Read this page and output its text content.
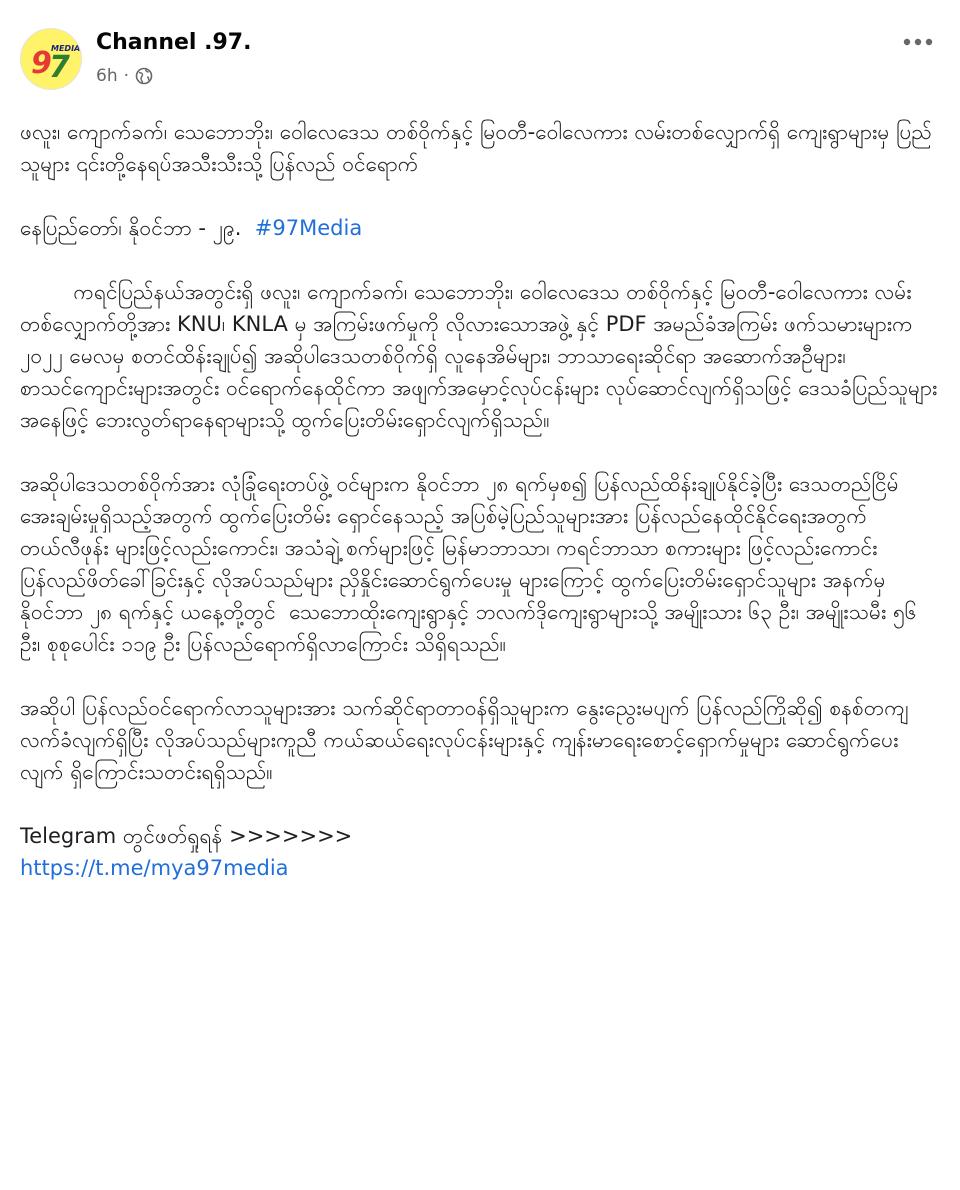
9
7
MEDIA Channel .97.
6h ·

ဖလူး၊ ကျောက်ခက်၊ သေဘောဘိုး၊ ဝေါလေဒေသ တစ်ဝိုက်နှင့် မြဝတီ-ဝေါလေကား လမ်းတစ်လျှောက်ရှိ ကျေးရွာများမှ ပြည်သူများ ၎င်းတို့နေရပ်အသီးသီးသို့ ပြန်လည် ဝင်ရောက်

နေပြည်တော်၊ နိုဝင်ဘာ - ၂၉. #97Media

ကရင်ပြည်နယ်အတွင်းရှိ ဖလူး၊ ကျောက်ခက်၊ သေဘောဘိုး၊ ဝေါလေဒေသ တစ်ဝိုက်နှင့် မြဝတီ-ဝေါလေကား လမ်းတစ်လျှောက်တို့အား KNU၊ KNLA မှ အကြမ်းဖက်မှုကို လိုလားသောအဖွဲ့ နှင့် PDF အမည်ခံအကြမ်း ဖက်သမားများက ၂၀၂၂ မေလမှ စတင်ထိန်းချုပ်၍ အဆိုပါဒေသတစ်ဝိုက်ရှိ လူနေအိမ်များ၊ ဘာသာရေးဆိုင်ရာ အဆောက်အဦများ၊ စာသင်ကျောင်းများအတွင်း ဝင်ရောက်နေထိုင်ကာ အဖျက်အမှောင့်လုပ်ငန်းများ လုပ်ဆောင်လျက်ရှိသဖြင့် ဒေသခံပြည်သူများအနေဖြင့် ဘေးလွတ်ရာနေရာများသို့ ထွက်ပြေးတိမ်းရှောင်လျက်ရှိသည်။

အဆိုပါဒေသတစ်ဝိုက်အား လုံခြုံရေးတပ်ဖွဲ့ ဝင်များက နိုဝင်ဘာ ၂၈ ရက်မှစ၍ ပြန်လည်ထိန်းချုပ်နိုင်ခဲ့ပြီး ဒေသတည်ငြိမ်အေးချမ်းမှုရှိသည့်အတွက် ထွက်ပြေးတိမ်း ရှောင်နေသည့် အပြစ်မဲ့ပြည်သူများအား ပြန်လည်နေထိုင်နိုင်ရေးအတွက် တယ်လီဖုန်း များဖြင့်လည်းကောင်း၊ အသံချဲ့ စက်များဖြင့် မြန်မာဘာသာ၊ ကရင်ဘာသာ စကားများ ဖြင့်လည်းကောင်း ပြန်လည်ဖိတ်ခေါ်ခြင်းနှင့် လိုအပ်သည်များ ညှိနှိုင်းဆောင်ရွက်ပေးမှု များကြောင့် ထွက်ပြေးတိမ်းရှောင်သူများ အနက်မှ နိုဝင်ဘာ ၂၈ ရက်နှင့် ယနေ့တို့တွင်  သေဘောထိုးကျေးရွာနှင့် ဘလက်ဒိုကျေးရွာများသို့ အမျိုးသား ၆၃ ဦး၊ အမျိုးသမီး ၅၆ ဦး၊ စုစုပေါင်း ၁၁၉ ဦး ပြန်လည်ရောက်ရှိလာကြောင်း သိရှိရသည်။

အဆိုပါ ပြန်လည်ဝင်ရောက်လာသူများအား သက်ဆိုင်ရာတာဝန်ရှိသူများက နွေးညွေးမပျက် ပြန်လည်ကြိုဆို၍ စနစ်တကျလက်ခံလျက်ရှိပြီး လိုအပ်သည်များကူညီ ကယ်ဆယ်ရေးလုပ်ငန်းများနှင့် ကျန်းမာရေးစောင့်ရှောက်မှုများ ဆောင်ရွက်ပေးလျက် ရှိကြောင်းသတင်းရရှိသည်။

Telegram တွင်ဖတ်ရှုရန် >>>>>>>

https://t.me/mya97media
